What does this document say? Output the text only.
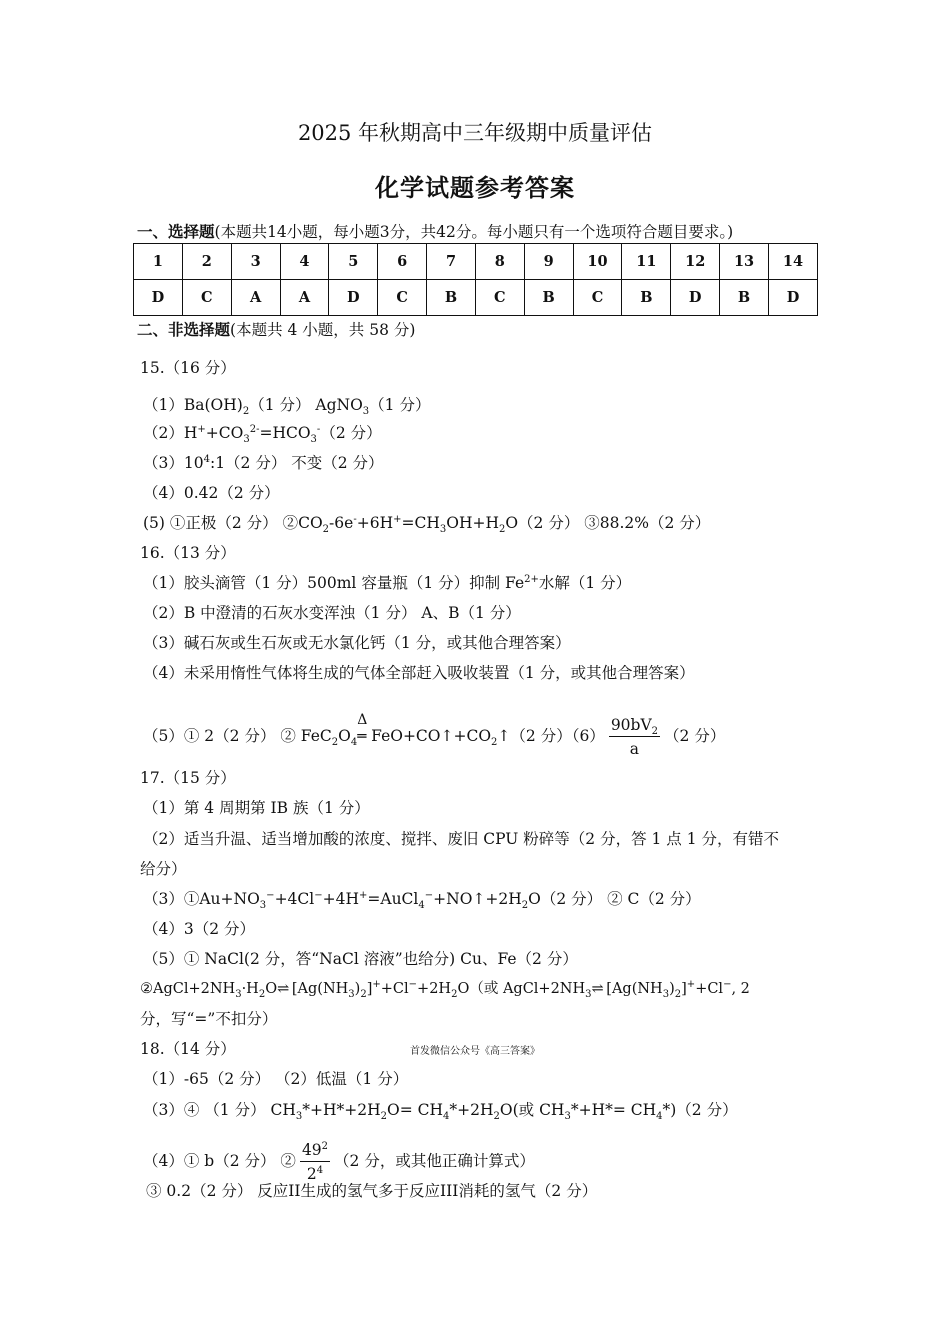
2025 年秋期高中三年级期中质量评估
化学试题参考答案
一、选择题(本题共14小题，每小题3分，共42分。每小题只有一个选项符合题目要求。)
1	2	3	4	5	6	7	8	9	10	11	12	13	14
D	C	A	A	D	C	B	C	B	C	B	D	B	D
二、非选择题(本题共 4 小题，共 58 分)
15.（16 分）
$(1)Ba(OH)_2(1$ 分） AgNO$_3$（1 分）
$(2)H^++CO_3^{2-}=HCO_3^-(2$ 分）
$(3)10^4:1(2$ 分） 不变（2 分）
（4）0.42（2 分）
(5) ①正极（2 分） $②CO_2-6e^-+6H^+=CH_3OH+H_2O(2$ 分） ③88.2%（2 分）
16.（13 分）
（1）胶头滴管（1 分）500ml 容量瓶（1 分）抑制 $Fe^{2+}$水解（1 分）
（2）B 中澄清的石灰水变浑浊（1 分） A、B（1 分）
（3）碱石灰或生石灰或无水氯化钙（1 分，或其他合理答案）
（4）未采用惰性气体将生成的气体全部赶入吸收装置（1 分，或其他合理答案）
（5）① 2（2 分） ② $FeC_2O_4$
Δ
═ $FeO+CO↑+CO_2↑(2$ 分）$(6) \frac{90bV_2}{a} (2$ 分）
17.（15 分）
（1）第 4 周期第 IB 族（1 分）
（2）适当升温、适当增加酸的浓度、搅拌、废旧 CPU 粉碎等（2 分，答 1 点 1 分，有错不
给分）
$(3)①Au+NO_3^-+4Cl^-+4H^+=AuCl_4^-+NO↑+2H_2O(2$ 分） ② C（2 分）
（4）3（2 分）
（5）① NaCl(2 分，答“NaCl 溶液”也给分) Cu、Fe（2 分）
$②AgCl+2NH_3\cdot H_2O\rightleftharpoons$ $[Ag(NH_3)_2]^++Cl^-+2H_2O$（或 $AgCl+2NH_3\rightleftharpoons$ $[Ag(NH_3)_2]^++Cl^-$, 2
分，写“=”不扣分）
18.（14 分）	首发微信公众号《高三答案》
（1）-65（2 分） （2）低温（1 分）
（3）④ （1 分） $CH_3*+H*+2H_2O= CH_4*+2H_2O$(或 $CH_3*+H*= CH_4*)(2$ 分）
（4）① b（2 分） ② $\frac{49^2}{2^4} (2$ 分，或其他正确计算式）
③ 0.2（2 分） 反应II生成的氢气多于反应III消耗的氢气（2 分）
